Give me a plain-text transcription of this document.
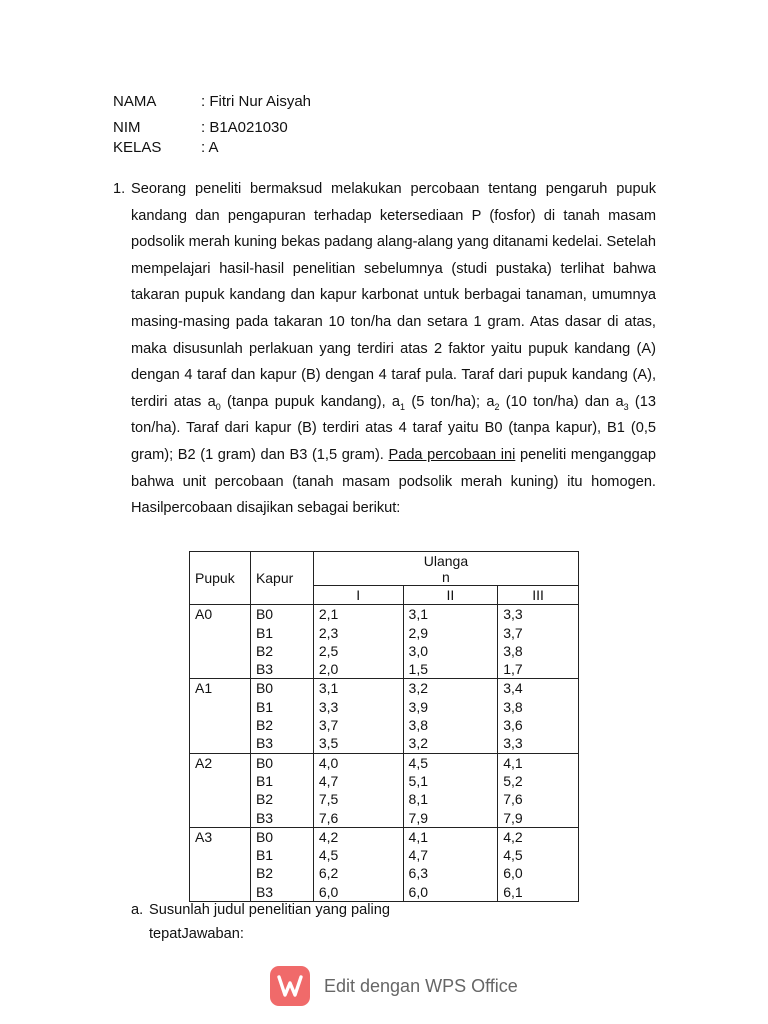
NAMA	: Fitri Nur Aisyah
NIM	: B1A021030
KELAS	: A
1. Seorang peneliti bermaksud melakukan percobaan tentang pengaruh pupuk kandang dan pengapuran terhadap ketersediaan P (fosfor) di tanah masam podsolik merah kuning bekas padang alang-alang yang ditanami kedelai. Setelah mempelajari hasil-hasil penelitian sebelumnya (studi pustaka) terlihat bahwa takaran pupuk kandang dan kapur karbonat untuk berbagai tanaman, umumnya masing-masing pada takaran 10 ton/ha dan setara 1 gram. Atas dasar di atas, maka disusunlah perlakuan yang terdiri atas 2 faktor yaitu pupuk kandang (A) dengan 4 taraf dan kapur (B) dengan 4 taraf pula. Taraf dari pupuk kandang (A), terdiri atas $a_0$ (tanpa pupuk kandang), $a_1$ (5 ton/ha); $a_2$ (10 ton/ha) dan $a_3$ (13 ton/ha). Taraf dari kapur (B) terdiri atas 4 taraf yaitu B0 (tanpa kapur), B1 (0,5 gram); B2 (1 gram) dan B3 (1,5 gram). Pada percobaan ini peneliti menganggap bahwa unit percobaan (tanah masam podsolik merah kuning) itu homogen. Hasilpercobaan disajikan sebagai berikut:
Pupuk	Kapur	Ulanga
n		
		I	II	III
A0	B0	2,1	3,1	3,3
	B1	2,3	2,9	3,7
	B2	2,5	3,0	3,8
	B3	2,0	1,5	1,7
A1	B0	3,1	3,2	3,4
	B1	3,3	3,9	3,8
	B2	3,7	3,8	3,6
	B3	3,5	3,2	3,3
A2	B0	4,0	4,5	4,1
	B1	4,7	5,1	5,2
	B2	7,5	8,1	7,6
	B3	7,6	7,9	7,9
A3	B0	4,2	4,1	4,2
	B1	4,5	4,7	4,5
	B2	6,2	6,3	6,0
	B3	6,0	6,0	6,1
a. Susunlah judul penelitian yang paling
tepatJawaban:
Edit dengan WPS Office
